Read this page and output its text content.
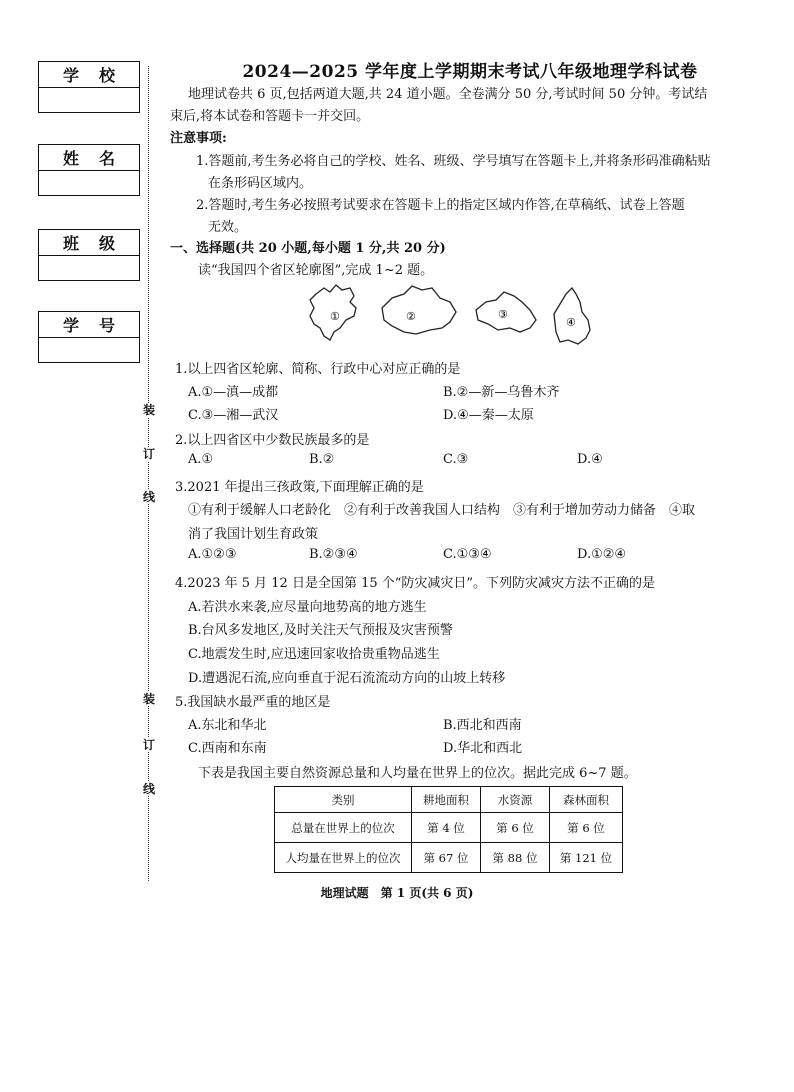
学 校
姓 名
班 级
学 号
装
订
线
装
订
线
2024—2025 学年度上学期期末考试八年级地理学科试卷
地理试卷共 6 页,包括两道大题,共 24 道小题。全卷满分 50 分,考试时间 50 分钟。考试结
束后,将本试卷和答题卡一并交回。
注意事项:
1.答题前,考生务必将自己的学校、姓名、班级、学号填写在答题卡上,并将条形码准确粘贴
在条形码区域内。
2.答题时,考生务必按照考试要求在答题卡上的指定区域内作答,在草稿纸、试卷上答题
无效。
一、选择题(共 20 小题,每小题 1 分,共 20 分)
读“我国四个省区轮廓图”,完成 1~2 题。
①	②	③
④
1.以上四省区轮廓、简称、行政中心对应正确的是
A.①—滇—成都	B.②—新—乌鲁木齐
C.③—湘—武汉	D.④—秦—太原
2.以上四省区中少数民族最多的是
A.①	B.②	C.③	D.④
3.2021 年提出三孩政策,下面理解正确的是
①有利于缓解人口老龄化　②有利于改善我国人口结构　③有利于增加劳动力储备　④取
消了我国计划生育政策
A.①②③	B.②③④	C.①③④	D.①②④
4.2023 年 5 月 12 日是全国第 15 个“防灾减灾日”。下列防灾减灾方法不正确的是
A.若洪水来袭,应尽量向地势高的地方逃生
B.台风多发地区,及时关注天气预报及灾害预警
C.地震发生时,应迅速回家收拾贵重物品逃生
D.遭遇泥石流,应向垂直于泥石流流动方向的山坡上转移
5.我国缺水最严重的地区是
A.东北和华北	B.西北和西南
C.西南和东南	D.华北和西北
下表是我国主要自然资源总量和人均量在世界上的位次。据此完成 6~7 题。
类别	耕地面积	水资源	森林面积
总量在世界上的位次	第 4 位	第 6 位	第 6 位
人均量在世界上的位次	第 67 位	第 88 位	第 121 位
地理试题　第 1 页(共 6 页)
